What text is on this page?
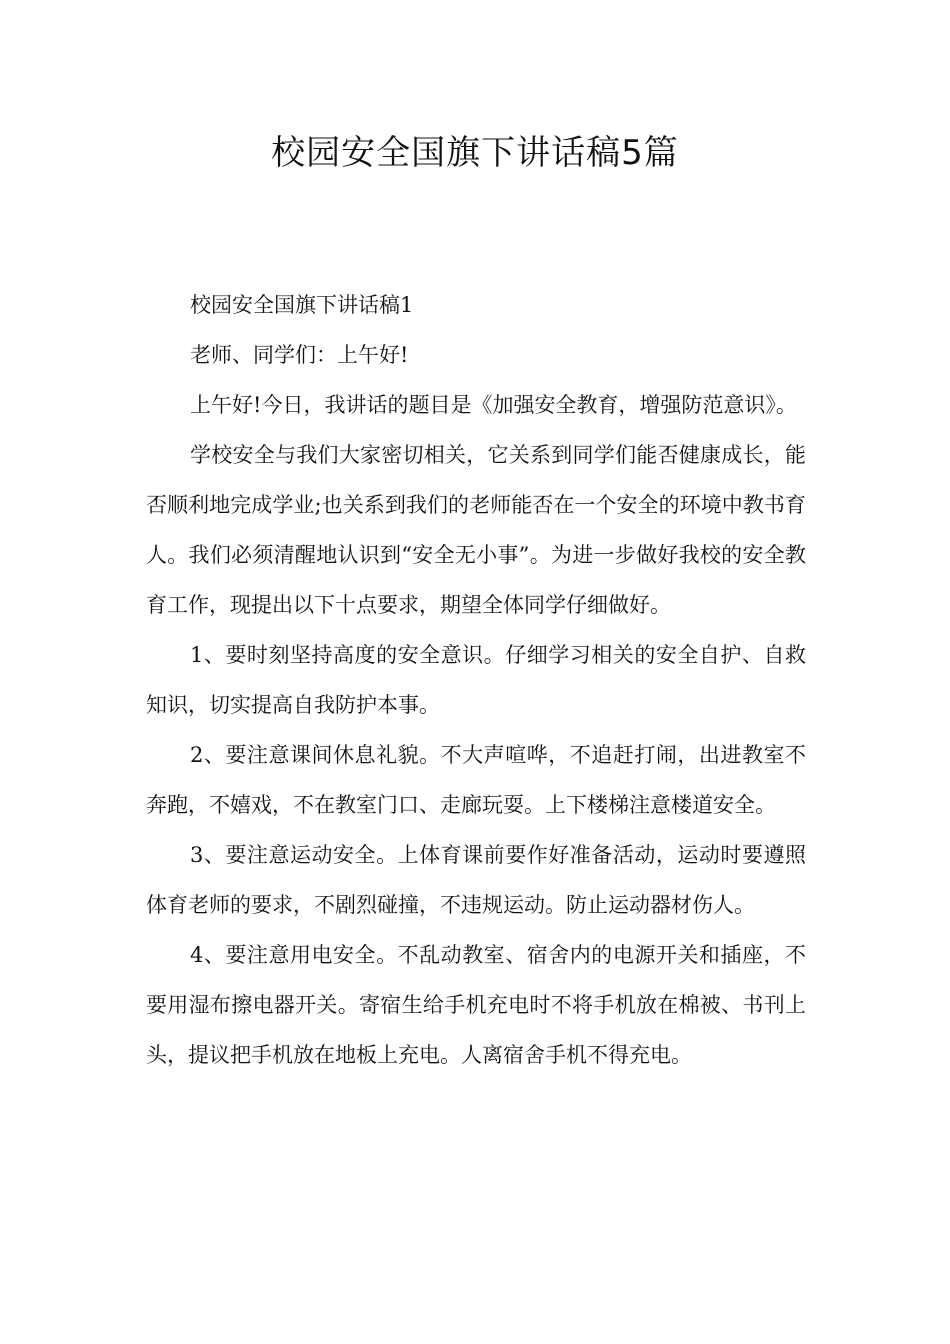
校园安全国旗下讲话稿5篇

校园安全国旗下讲话稿1

老师、同学们：上午好!

上午好!今日，我讲话的题目是《加强安全教育，增强防范意识》。

学校安全与我们大家密切相关，它关系到同学们能否健康成长，能否顺利地完成学业;也关系到我们的老师能否在一个安全的环境中教书育人。我们必须清醒地认识到“安全无小事”。为进一步做好我校的安全教育工作，现提出以下十点要求，期望全体同学仔细做好。

1、要时刻坚持高度的安全意识。仔细学习相关的安全自护、自救知识，切实提高自我防护本事。

2、要注意课间休息礼貌。不大声喧哗，不追赶打闹，出进教室不奔跑，不嬉戏，不在教室门口、走廊玩耍。上下楼梯注意楼道安全。

3、要注意运动安全。上体育课前要作好准备活动，运动时要遵照体育老师的要求，不剧烈碰撞，不违规运动。防止运动器材伤人。

4、要注意用电安全。不乱动教室、宿舍内的电源开关和插座，不要用湿布擦电器开关。寄宿生给手机充电时不将手机放在棉被、书刊上头，提议把手机放在地板上充电。人离宿舍手机不得充电。
